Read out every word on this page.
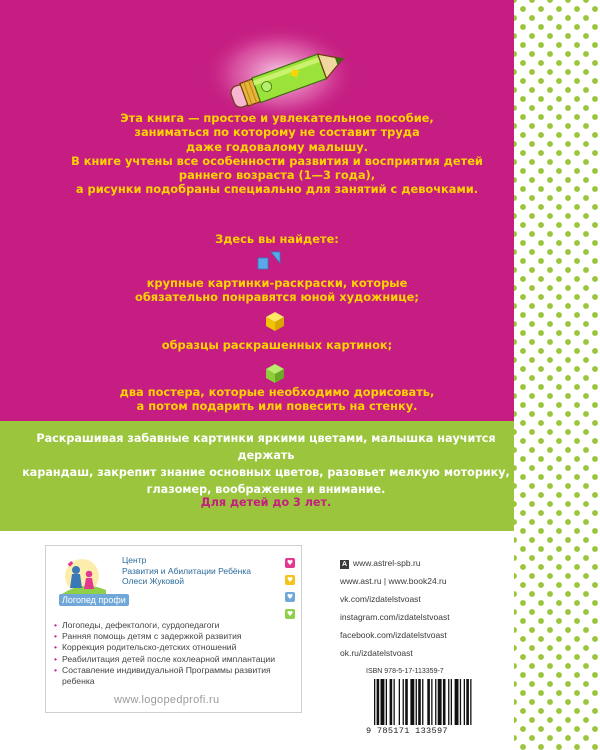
Эта книга — простое и увлекательное пособие,
заниматься по которому не составит труда
даже годовалому малышу.
В книге учтены все особенности развития и восприятия детей
раннего возраста (1—3 года),
а рисунки подобраны специально для занятий с девочками.
Здесь вы найдете:
крупные картинки-раскраски, которые
обязательно понравятся юной художнице;
образцы раскрашенных картинок;
два постера, которые необходимо дорисовать,
а потом подарить или повесить на стенку.
Раскрашивая забавные картинки яркими цветами, малышка научится держать
карандаш, закрепит знание основных цветов, разовьет мелкую моторику,
глазомер, воображение и внимание.
Для детей до 3 лет.
Логопед профи
Центр
Развития и Абилитации Ребёнка
Олеси Жуковой
♥
♥
♥
♥
• Логопеды, дефектологи, сурдопедагоги
• Ранняя помощь детям с задержкой развития
• Коррекция родительско-детских отношений
• Реабилитация детей после кохлеарной имплантации
• Составление индивидуальной Программы развития ребенка
www.logopedprofi.ru
A www.astrel-spb.ru
www.ast.ru | www.book24.ru
vk.com/izdatelstvoast
instagram.com/izdatelstvoast
facebook.com/izdatelstvoast
ok.ru/izdatelstvoast
ISBN 978-5-17-113359-7
9 785171 133597
